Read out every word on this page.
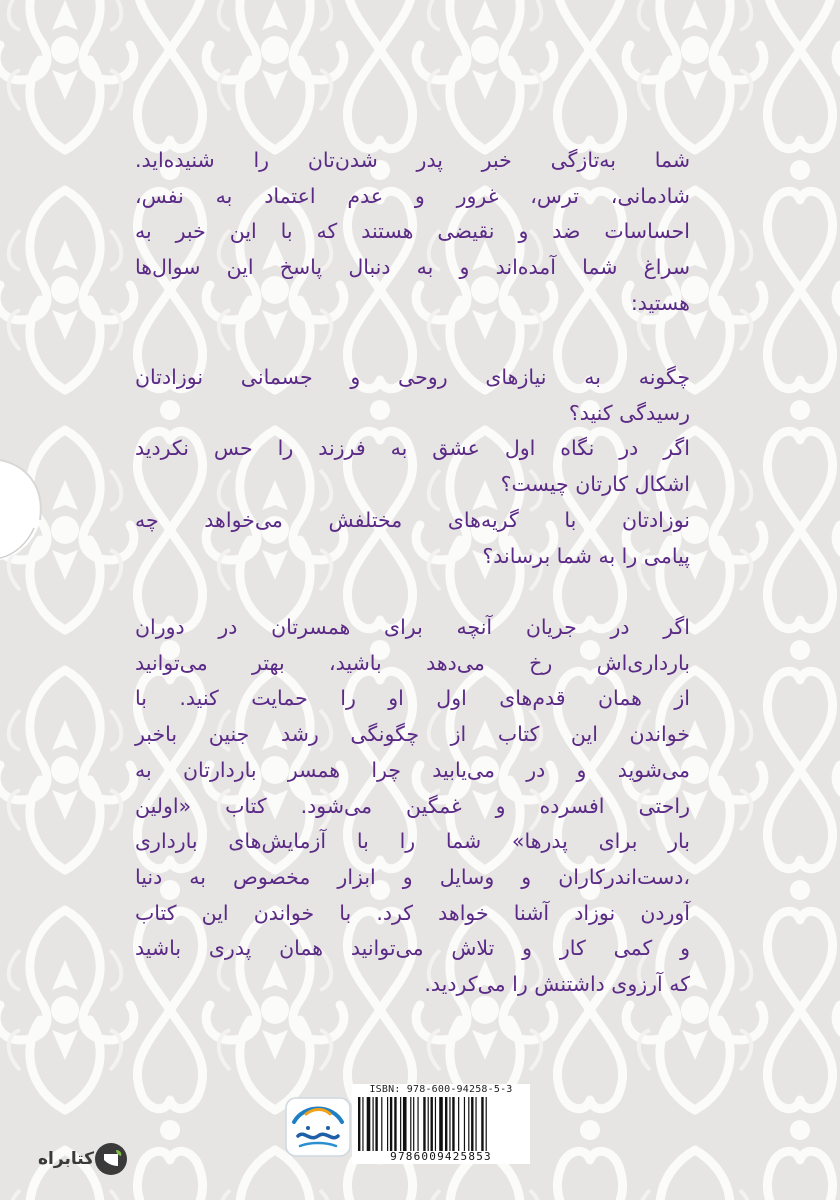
شما به‌تازگی خبر پدر شدن‌تان را شنیده‌اید.
شادمانی، ترس، غرور و عدم اعتماد به نفس،
احساسات ضد و نقیضی هستند که با این خبر به
سراغ شما آمده‌اند و به دنبال پاسخ این سوال‌ها
هستید:

چگونه به نیازهای روحی و جسمانی نوزادتان
رسیدگی کنید؟
اگر در نگاه اول عشق به فرزند را حس نکردید
اشکال کارتان چیست؟
نوزادتان با گریه‌های مختلفش می‌خواهد چه
پیامی را به شما برساند؟

اگر در جریان آنچه برای همسرتان در دوران
بارداری‌اش رخ می‌دهد باشید، بهتر می‌توانید
از همان قدم‌های اول او را حمایت کنید. با
خواندن این کتاب از چگونگی رشد جنین باخبر
می‌شوید و در می‌یابید چرا همسر باردارتان به
راحتی افسرده و غمگین می‌شود. کتاب «اولین
بار برای پدرها» شما را با آزمایش‌های بارداری
،دست‌اندرکاران و وسایل و ابزار مخصوص به دنیا
آوردن نوزاد آشنا خواهد کرد. با خواندن این کتاب
و کمی کار و تلاش می‌توانید همان پدری باشید
که آرزوی داشتنش را می‌کردید.

ISBN: 978-600-94258-5-3
9786009425853
کتابراه
